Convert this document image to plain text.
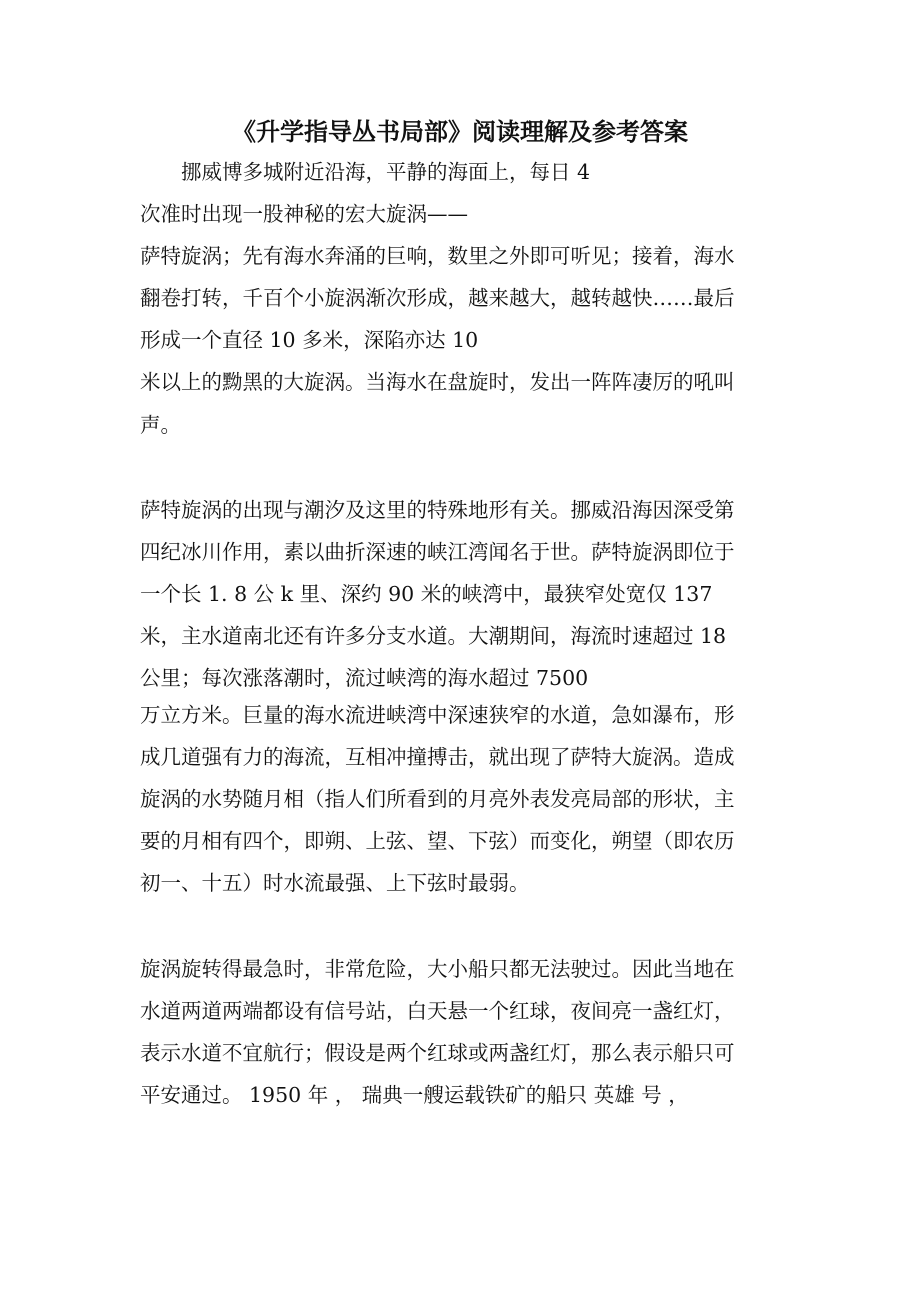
《升学指导丛书局部》阅读理解及参考答案
　　挪威博多城附近沿海，平静的海面上，每日 4
次准时出现一股神秘的宏大旋涡——
萨特旋涡；先有海水奔涌的巨响，数里之外即可听见；接着，海水
翻卷打转，千百个小旋涡渐次形成，越来越大，越转越快……最后
形成一个直径 10 多米，深陷亦达 10
米以上的黝黑的大旋涡。当海水在盘旋时，发出一阵阵凄厉的吼叫
声。
萨特旋涡的出现与潮汐及这里的特殊地形有关。挪威沿海因深受第
四纪冰川作用，素以曲折深速的峡江湾闻名于世。萨特旋涡即位于
一个长 1. 8 公 k 里、深约 90 米的峡湾中，最狭窄处宽仅 137
米，主水道南北还有许多分支水道。大潮期间，海流时速超过 18
公里；每次涨落潮时，流过峡湾的海水超过 7500
万立方米。巨量的海水流进峡湾中深速狭窄的水道，急如瀑布，形
成几道强有力的海流，互相冲撞搏击，就出现了萨特大旋涡。造成
旋涡的水势随月相（指人们所看到的月亮外表发亮局部的形状，主
要的月相有四个，即朔、上弦、望、下弦）而变化，朔望（即农历
初一、十五）时水流最强、上下弦时最弱。
旋涡旋转得最急时，非常危险，大小船只都无法驶过。因此当地在
水道两道两端都设有信号站，白天悬一个红球，夜间亮一盏红灯，
表示水道不宜航行；假设是两个红球或两盏红灯，那么表示船只可
平安通过。 1950 年 ， 瑞典一艘运载铁矿的船只 英雄 号 ，
